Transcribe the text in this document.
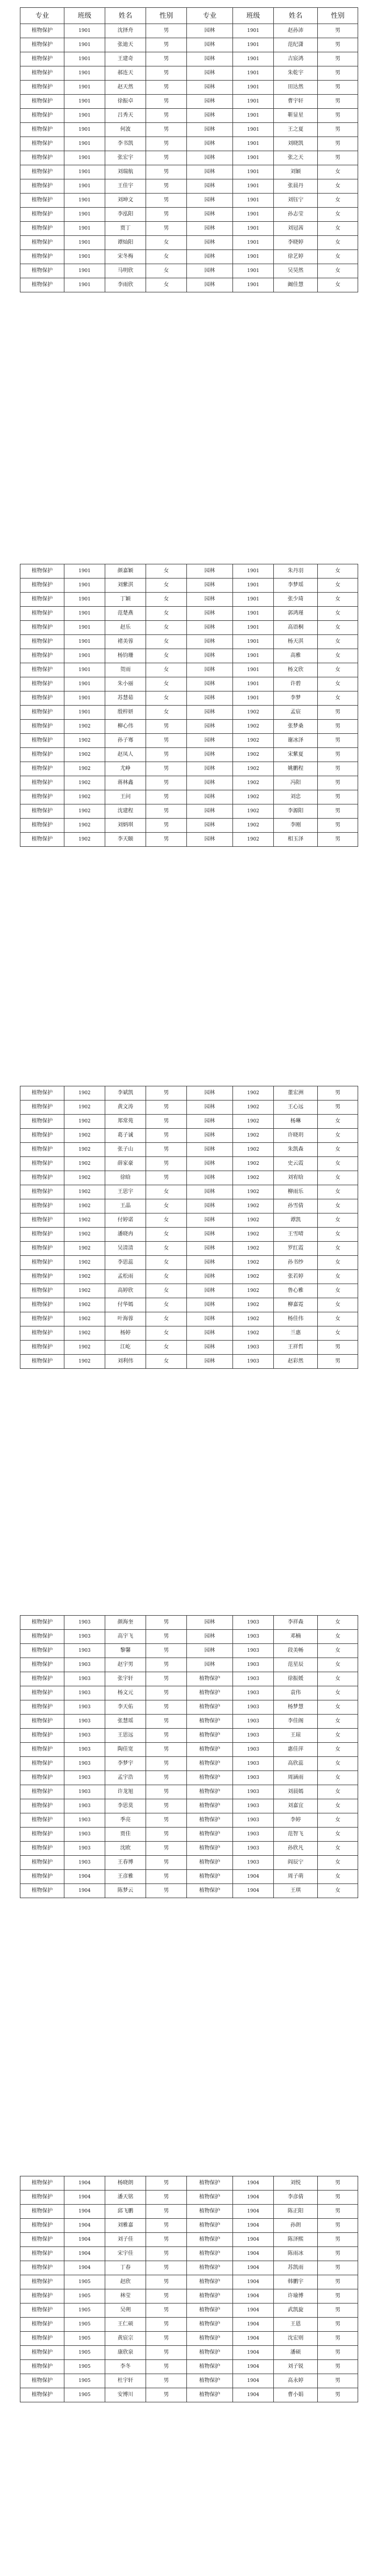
专业	班级	姓名	性别	专业	班级	姓名	性别
植物保护	1901	沈择舟	男	园林	1901	赵孙沛	男
植物保护	1901	张迪天	男	园林	1901	范纪潇	男
植物保护	1901	王建奇	男	园林	1901	吉宸鸿	男
植物保护	1901	郝连天	男	园林	1901	朱乾宇	男
植物保护	1901	赵天然	男	园林	1901	田达然	男
植物保护	1901	徐振卓	男	园林	1901	曹宇轩	男
植物保护	1901	吕秀天	男	园林	1901	靳显星	男
植物保护	1901	何波	男	园林	1901	王之夏	男
植物保护	1901	李书凯	男	园林	1901	刘晓凯	男
植物保护	1901	张宏宇	男	园林	1901	张之天	男
植物保护	1901	刘瑞航	男	园林	1901	刘颖	女
植物保护	1901	王佳宇	男	园林	1901	张晨丹	女
植物保护	1901	刘坤文	男	园林	1901	刘钰宁	女
植物保护	1901	李泓阳	男	园林	1901	孙志莹	女
植物保护	1901	贾丁	男	园林	1901	刘冠茜	女
植物保护	1901	谭灿阳	女	园林	1901	李晓婷	女
植物保护	1901	宋冬梅	女	园林	1901	徐艺婷	女
植物保护	1901	马明欣	女	园林	1901	吴昊然	女
植物保护	1901	李雨欣	女	园林	1901	阚佳慧	女
植物保护	1901	颜嘉颖	女	园林	1901	朱丹羽	女
植物保护	1901	刘紫淇	女	园林	1901	李梦瑶	女
植物保护	1901	丁颖	女	园林	1901	张少琦	女
植物保护	1901	范楚燕	女	园林	1901	郭鸿瑾	女
植物保护	1901	赵乐	女	园林	1901	高语桐	女
植物保护	1901	褚美蓉	女	园林	1901	杨天淇	女
植物保护	1901	杨钧珊	女	园林	1901	高雅	女
植物保护	1901	贺雨	女	园林	1901	杨文欣	女
植物保护	1901	朱小丽	女	园林	1901	许碧	女
植物保护	1901	苏慧茹	女	园林	1901	李梦	女
植物保护	1901	殷梓妍	女	园林	1902	孟宸	男
植物保护	1902	柳心伟	男	园林	1902	张梦桑	男
植物保护	1902	孙子骞	男	园林	1902	谢冰泽	男
植物保护	1902	赵凤人	男	园林	1902	宋紫夏	男
植物保护	1902	尤峥	男	园林	1902	姚鹏程	男
植物保护	1902	蒋林鑫	男	园林	1902	冯阳	男
植物保护	1902	王问	男	园林	1902	刘忠	男
植物保护	1902	沈建程	男	园林	1902	李源阳	男
植物保护	1902	刘炳琪	男	园林	1902	李刚	男
植物保护	1902	李天颐	男	园林	1902	相玉泽	男
植物保护	1902	李斌凯	男	园林	1902	董宏洲	男
植物保护	1902	黄文涛	男	园林	1902	王心远	男
植物保护	1902	郑常苑	男	园林	1902	杨琳	女
植物保护	1902	葛子诚	男	园林	1902	许晓玥	女
植物保护	1902	张子山	男	园林	1902	朱凯森	女
植物保护	1902	薛家豪	男	园林	1902	史云霞	女
植物保护	1902	徐晗	男	园林	1902	刘宥晗	女
植物保护	1902	王思宇	女	园林	1902	柳雨乐	女
植物保护	1902	王晶	女	园林	1902	孙雪倩	女
植物保护	1902	付婷诺	女	园林	1902	谭凯	女
植物保护	1902	潘晓冉	女	园林	1902	王雪晴	女
植物保护	1902	吴清清	女	园林	1902	罗红霞	女
植物保护	1902	李思蕊	女	园林	1902	孙书纱	女
植物保护	1902	孟松雨	女	园林	1902	张若婷	女
植物保护	1902	高婷欣	女	园林	1902	鲁心雅	女
植物保护	1902	付华嫣	女	园林	1902	柳嘉霓	女
植物保护	1902	叶海蓉	女	园林	1902	杨佳伟	女
植物保护	1902	杨婷	女	园林	1902	兰惠	女
植物保护	1902	江屹	女	园林	1903	王祥哲	男
植物保护	1902	刘利伟	女	园林	1903	赵彩然	男
植物保护	1903	颜海奎	男	园林	1903	李祥森	女
植物保护	1903	高宇飞	男	园林	1903	邓楠	女
植物保护	1903	黎馨	男	园林	1903	段美畅	女
植物保护	1903	赵宇男	男	园林	1903	范星辰	女
植物保护	1903	张宇轩	男	植物保护	1903	徐振媛	女
植物保护	1903	杨文元	男	植物保护	1903	袁伟	女
植物保护	1903	李天佑	男	植物保护	1903	杨梦慧	女
植物保护	1903	张慧瑶	男	植物保护	1903	李佳阁	女
植物保护	1903	王思远	男	植物保护	1903	王琼	女
植物保护	1903	陶佳宽	男	植物保护	1903	惠佳萍	女
植物保护	1903	李梦宇	男	植物保护	1903	高欣蕊	女
植物保护	1903	孟宇浩	男	植物保护	1903	周涵雨	女
植物保护	1903	许龙旭	男	植物保护	1903	刘晨嫣	女
植物保护	1903	李思莫	男	植物保护	1903	刘嘉宜	女
植物保护	1903	季亮	男	植物保护	1903	李婷	女
植物保护	1903	贾佳	男	植物保护	1903	范智飞	女
植物保护	1903	沈欧	男	植物保护	1903	孙欣凡	女
植物保护	1903	王春博	男	植物保护	1903	阎辰宁	女
植物保护	1904	王彦雅	男	植物保护	1904	周子萌	女
植物保护	1904	陈梦云	男	植物保护	1904	王琪	女
植物保护	1904	杨晓朗	男	植物保护	1904	刘悦	男
植物保护	1904	潘天铭	男	植物保护	1904	李彦倩	男
植物保护	1904	邱飞鹏	男	植物保护	1904	陈正阳	男
植物保护	1904	刘雅嘉	男	植物保护	1904	孙朗	男
植物保护	1904	刘子佳	男	植物保护	1904	陈泽熙	男
植物保护	1904	宋宇佳	男	植物保护	1904	陈雨冰	男
植物保护	1904	丁春	男	植物保护	1904	苏凯雨	男
植物保护	1905	赵欣	男	植物保护	1904	韩鹏宇	男
植物保护	1905	林莹	男	植物保护	1904	许瑜博	男
植物保护	1905	吴朔	男	植物保护	1904	武凯旋	男
植物保护	1905	王仁硕	男	植物保护	1904	王恩	男
植物保护	1905	黄宸宗	男	植物保护	1904	沈宏则	男
植物保护	1905	康欣泉	男	植物保护	1904	潘硕	男
植物保护	1905	李冬	男	植物保护	1904	刘子锐	男
植物保护	1905	杜宇轩	男	植物保护	1904	高永婷	男
植物保护	1905	安博川	男	植物保护	1904	曹小娟	男
